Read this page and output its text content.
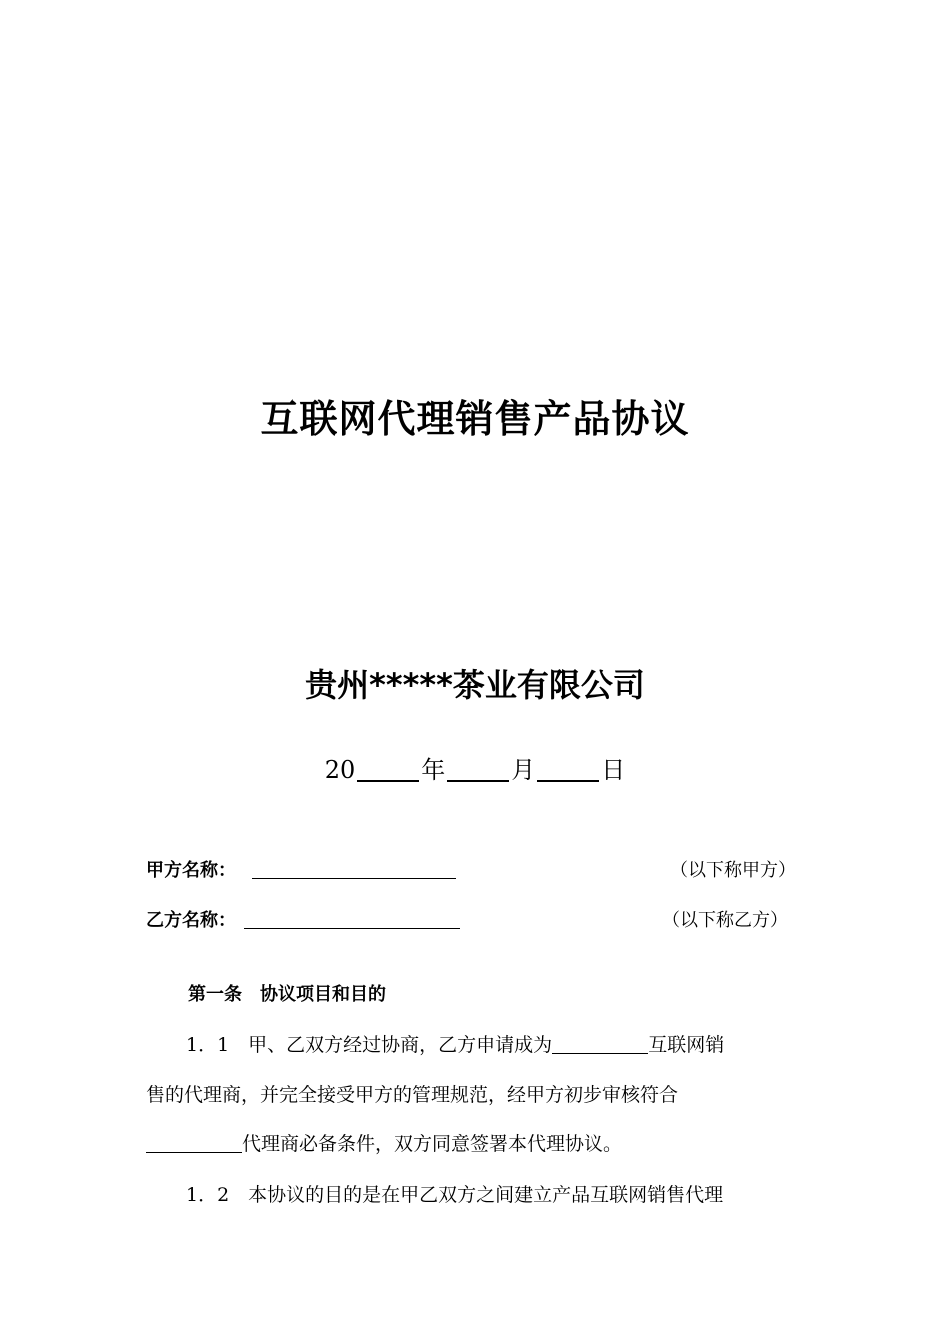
互联网代理销售产品协议
贵州*****茶业有限公司
20	年	月	日
甲方名称：	（以下称甲方）
乙方名称：	（以下称乙方）
第一条　协议项目和目的
1．1　甲、乙双方经过协商，乙方申请成为	互联网销
售的代理商，并完全接受甲方的管理规范，经甲方初步审核符合
代理商必备条件，双方同意签署本代理协议。
1．2　本协议的目的是在甲乙双方之间建立产品互联网销售代理
